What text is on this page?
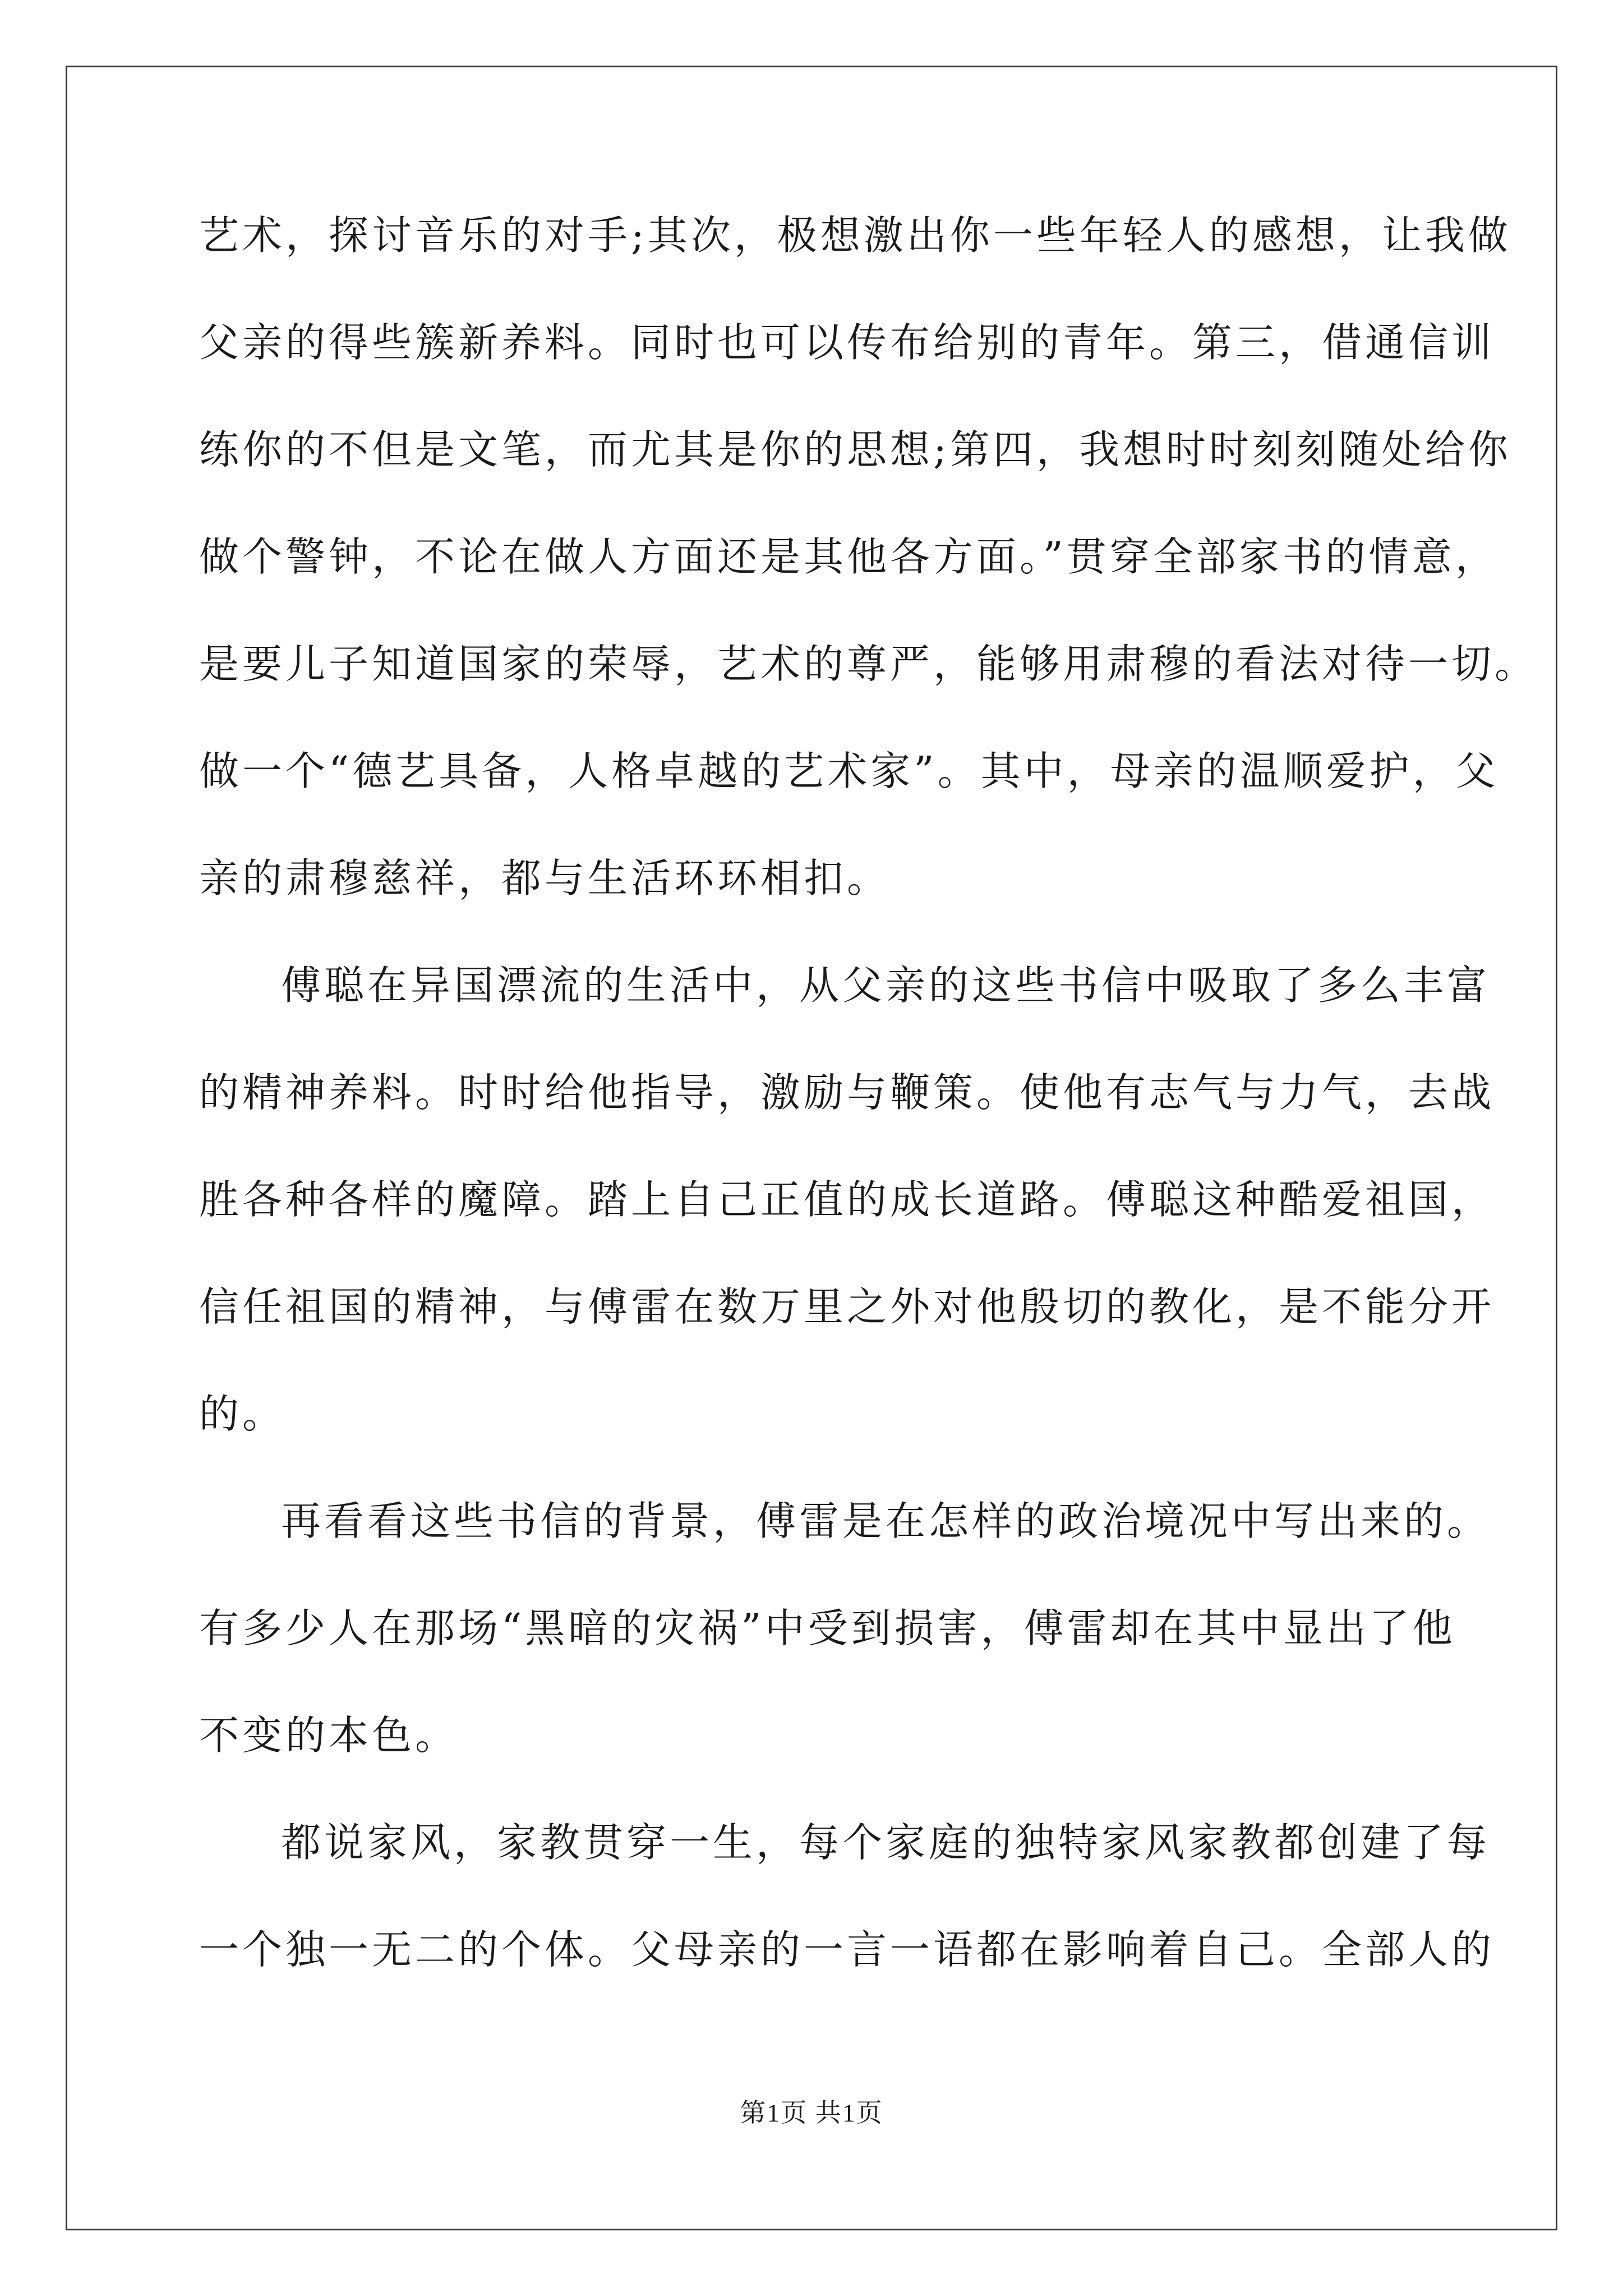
艺术，探讨音乐的对手;其次，极想激出你一些年轻人的感想，让我做
父亲的得些簇新养料。同时也可以传布给别的青年。第三，借通信训
练你的不但是文笔，而尤其是你的思想;第四，我想时时刻刻随处给你
做个警钟，不论在做人方面还是其他各方面。”贯穿全部家书的情意，
是要儿子知道国家的荣辱，艺术的尊严，能够用肃穆的看法对待一切。
做一个“德艺具备，人格卓越的艺术家”。其中，母亲的温顺爱护，父
亲的肃穆慈祥，都与生活环环相扣。
傅聪在异国漂流的生活中，从父亲的这些书信中吸取了多么丰富
的精神养料。时时给他指导，激励与鞭策。使他有志气与力气，去战
胜各种各样的魔障。踏上自己正值的成长道路。傅聪这种酷爱祖国，
信任祖国的精神，与傅雷在数万里之外对他殷切的教化，是不能分开
的。
再看看这些书信的背景，傅雷是在怎样的政治境况中写出来的。
有多少人在那场“黑暗的灾祸”中受到损害，傅雷却在其中显出了他
不变的本色。
都说家风，家教贯穿一生，每个家庭的独特家风家教都创建了每
一个独一无二的个体。父母亲的一言一语都在影响着自己。全部人的
第1页 共1页
